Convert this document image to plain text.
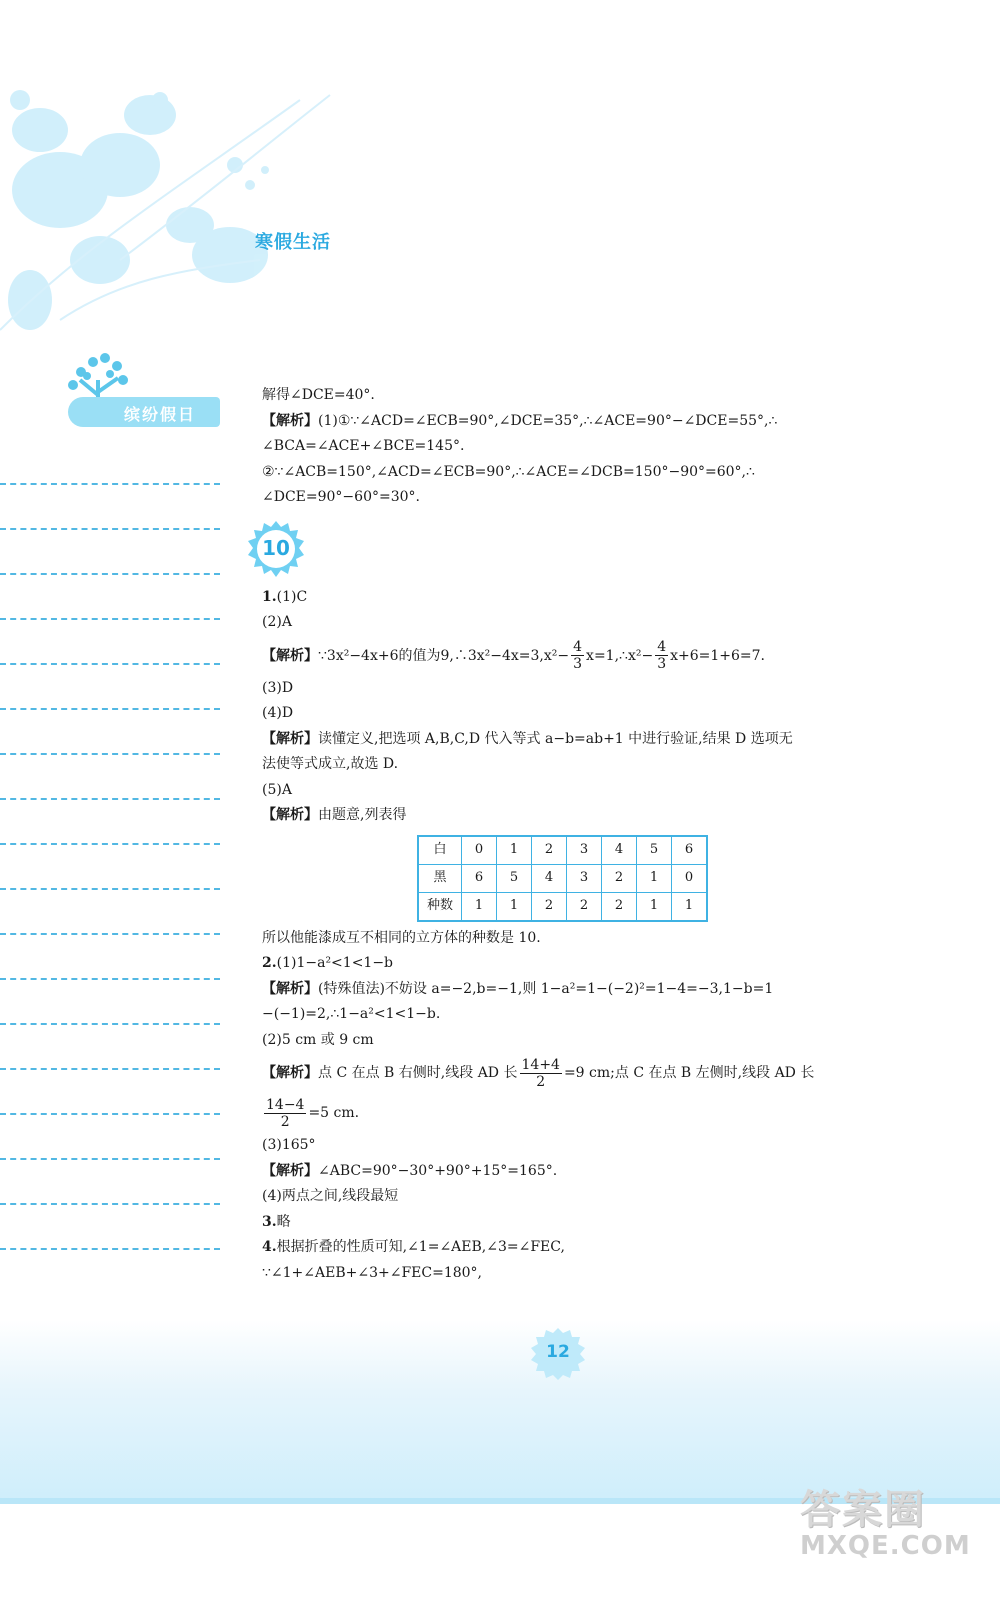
寒假生活
缤纷假日
解得∠DCE=40°.
【解析】(1)①∵∠ACD=∠ECB=90°,∠DCE=35°,∴∠ACE=90°−∠DCE=55°,∴
∠BCA=∠ACE+∠BCE=145°.
②∵∠ACB=150°,∠ACD=∠ECB=90°,∴∠ACE=∠DCB=150°−90°=60°,∴
∠DCE=90°−60°=30°.
10
1.(1)C
(2)A
【解析】∵3x²−4x+6的值为9,∴3x²−4x=3,x²− $\frac{4}{3}$ x=1,∴x²− $\frac{4}{3} x+6=1+6=7$.
(3)D
(4)D
【解析】读懂定义,把选项 A,B,C,D 代入等式 a−b=ab+1 中进行验证,结果 D 选项无
法使等式成立,故选 D.
(5)A
【解析】由题意,列表得
白	0	1	2	3	4	5	6
黑	6	5	4	3	2	1	0
种数	1	1	2	2	2	1	1
所以他能漆成互不相同的立方体的种数是 10.
2.(1)1−a²<1<1−b
【解析】(特殊值法)不妨设 a=−2,b=−1,则 1−a²=1−(−2)²=1−4=−3,1−b=1
−(−1)=2,∴1−a²<1<1−b.
(2)5 cm 或 9 cm
【解析】点 C 在点 B 右侧时,线段 AD 长 $\frac{14+4}{2} =9$ cm;点 C 在点 B 左侧时,线段 AD 长
$\frac{14-4}{2} =5$ cm.
(3)165°
【解析】∠ABC=90°−30°+90°+15°=165°.
(4)两点之间,线段最短
3.略
4.根据折叠的性质可知,∠1=∠AEB,∠3=∠FEC,
∵∠1+∠AEB+∠3+∠FEC=180°,
12
答案圈
MXQE.COM
